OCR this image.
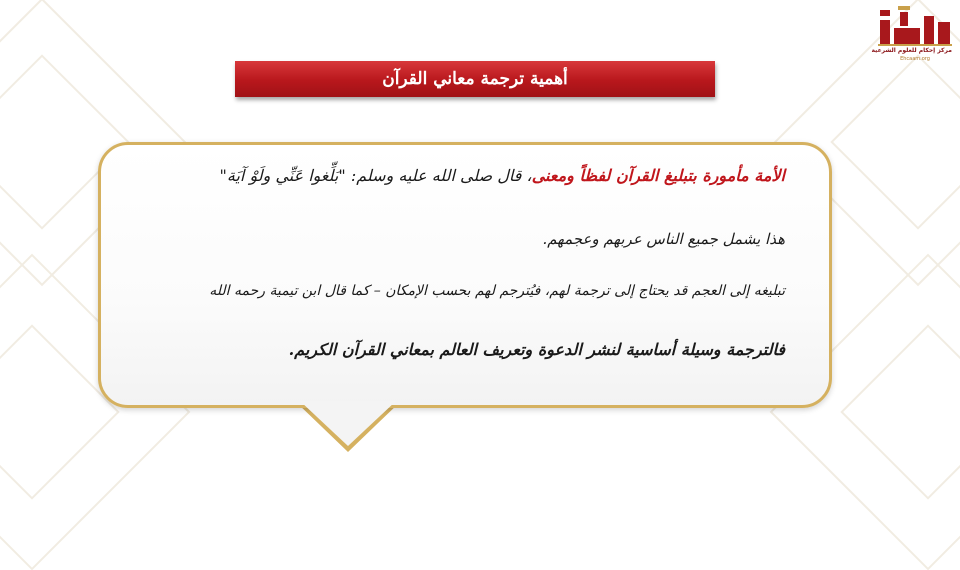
مركز إحكام للعلوم الشرعية
Ehcaam.org
أهمية ترجمة معاني القرآن
الأمة مأمورة بتبليغ القرآن لفظاً ومعنى، قال صلى الله عليه وسلم: "بَلِّغوا عَنِّي ولَوْ آيَة"
هذا يشمل جميع الناس عربهم وعجمهم.
تبليغه إلى العجم قد يحتاج إلى ترجمة لهم، فيُترجم لهم بحسب الإمكان – كما قال ابن تيمية رحمه الله
فالترجمة وسيلة أساسية لنشر الدعوة وتعريف العالم بمعاني القرآن الكريم.
